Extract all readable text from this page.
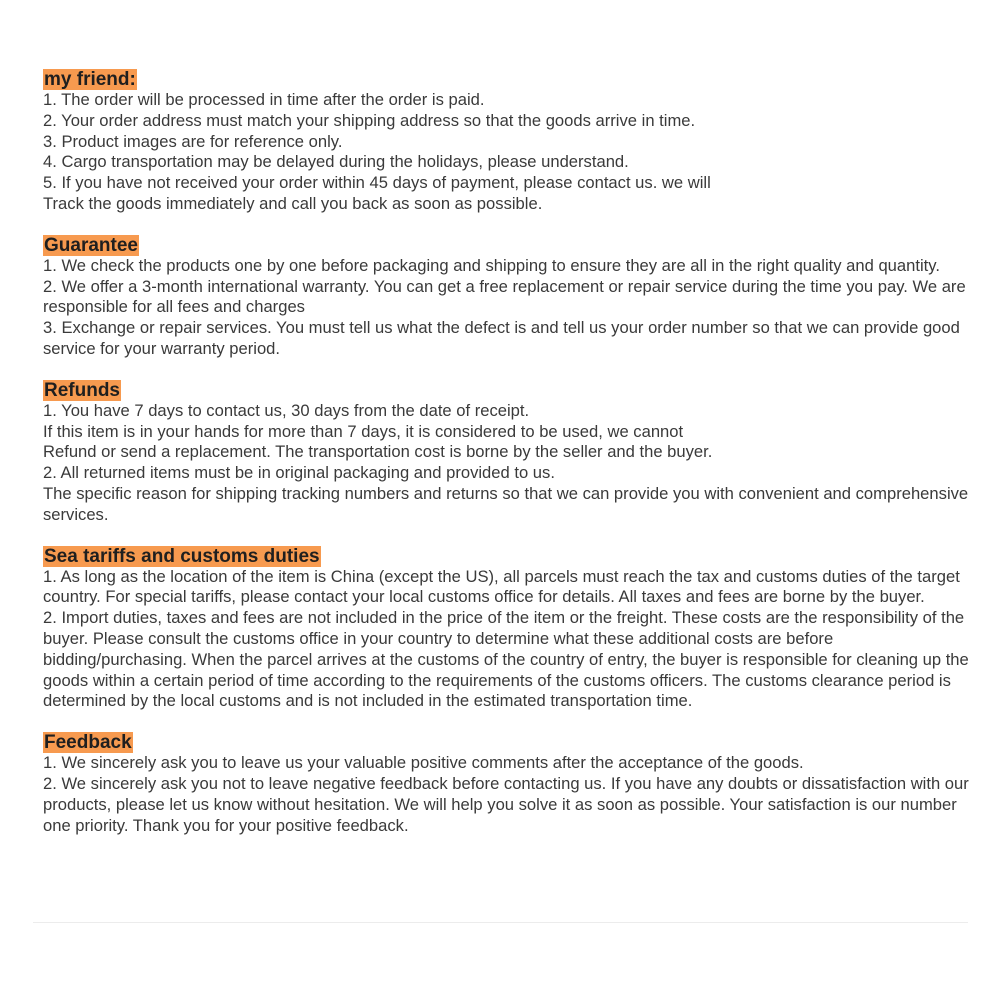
my friend:
1. The order will be processed in time after the order is paid.
2. Your order address must match your shipping address so that the goods arrive in time.
3. Product images are for reference only.
4. Cargo transportation may be delayed during the holidays, please understand.
5. If you have not received your order within 45 days of payment, please contact us. we will
Track the goods immediately and call you back as soon as possible.
Guarantee
1. We check the products one by one before packaging and shipping to ensure they are all in the right quality and quantity.
2. We offer a 3-month international warranty. You can get a free replacement or repair service during the time you pay. We are responsible for all fees and charges
3. Exchange or repair services. You must tell us what the defect is and tell us your order number so that we can provide good service for your warranty period.
Refunds
1. You have 7 days to contact us, 30 days from the date of receipt.
If this item is in your hands for more than 7 days, it is considered to be used, we cannot
Refund or send a replacement. The transportation cost is borne by the seller and the buyer.
2. All returned items must be in original packaging and provided to us.
The specific reason for shipping tracking numbers and returns so that we can provide you with convenient and comprehensive services.
Sea tariffs and customs duties
1. As long as the location of the item is China (except the US), all parcels must reach the tax and customs duties of the target country. For special tariffs, please contact your local customs office for details. All taxes and fees are borne by the buyer.
2. Import duties, taxes and fees are not included in the price of the item or the freight. These costs are the responsibility of the buyer. Please consult the customs office in your country to determine what these additional costs are before bidding/purchasing. When the parcel arrives at the customs of the country of entry, the buyer is responsible for cleaning up the goods within a certain period of time according to the requirements of the customs officers. The customs clearance period is determined by the local customs and is not included in the estimated transportation time.
Feedback
1. We sincerely ask you to leave us your valuable positive comments after the acceptance of the goods.
2. We sincerely ask you not to leave negative feedback before contacting us. If you have any doubts or dissatisfaction with our products, please let us know without hesitation. We will help you solve it as soon as possible. Your satisfaction is our number one priority. Thank you for your positive feedback.
